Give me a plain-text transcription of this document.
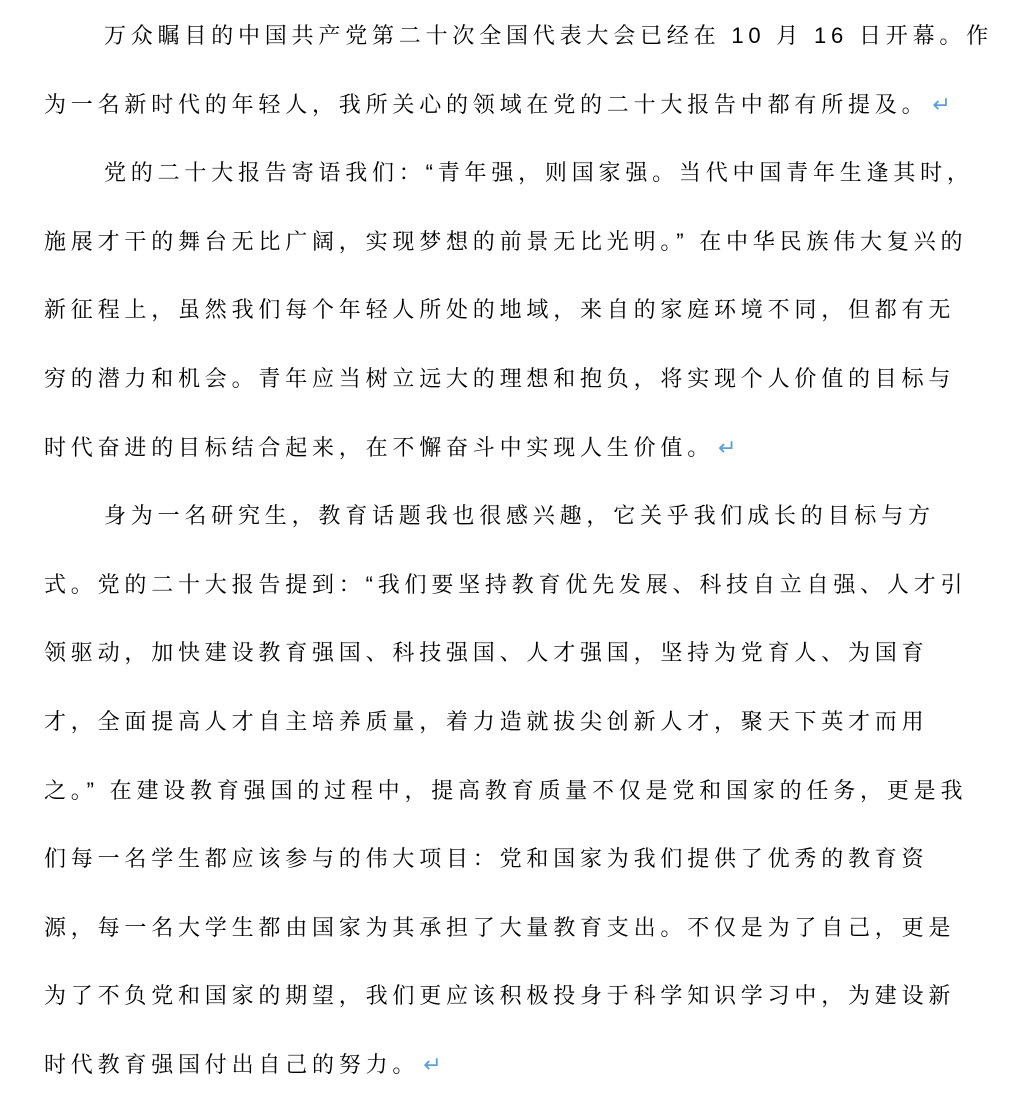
万众瞩目的中国共产党第二十次全国代表大会已经在 10 月 16 日开幕。作
为一名新时代的年轻人，我所关心的领域在党的二十大报告中都有所提及。 ↵
党的二十大报告寄语我们：“青年强，则国家强。当代中国青年生逢其时，
施展才干的舞台无比广阔，实现梦想的前景无比光明。” 在中华民族伟大复兴的
新征程上，虽然我们每个年轻人所处的地域，来自的家庭环境不同，但都有无
穷的潜力和机会。青年应当树立远大的理想和抱负，将实现个人价值的目标与
时代奋进的目标结合起来，在不懈奋斗中实现人生价值。 ↵
身为一名研究生，教育话题我也很感兴趣，它关乎我们成长的目标与方
式。党的二十大报告提到：“我们要坚持教育优先发展、科技自立自强、人才引
领驱动，加快建设教育强国、科技强国、人才强国，坚持为党育人、为国育
才，全面提高人才自主培养质量，着力造就拔尖创新人才，聚天下英才而用
之。” 在建设教育强国的过程中，提高教育质量不仅是党和国家的任务，更是我
们每一名学生都应该参与的伟大项目：党和国家为我们提供了优秀的教育资
源，每一名大学生都由国家为其承担了大量教育支出。不仅是为了自己，更是
为了不负党和国家的期望，我们更应该积极投身于科学知识学习中，为建设新
时代教育强国付出自己的努力。 ↵
